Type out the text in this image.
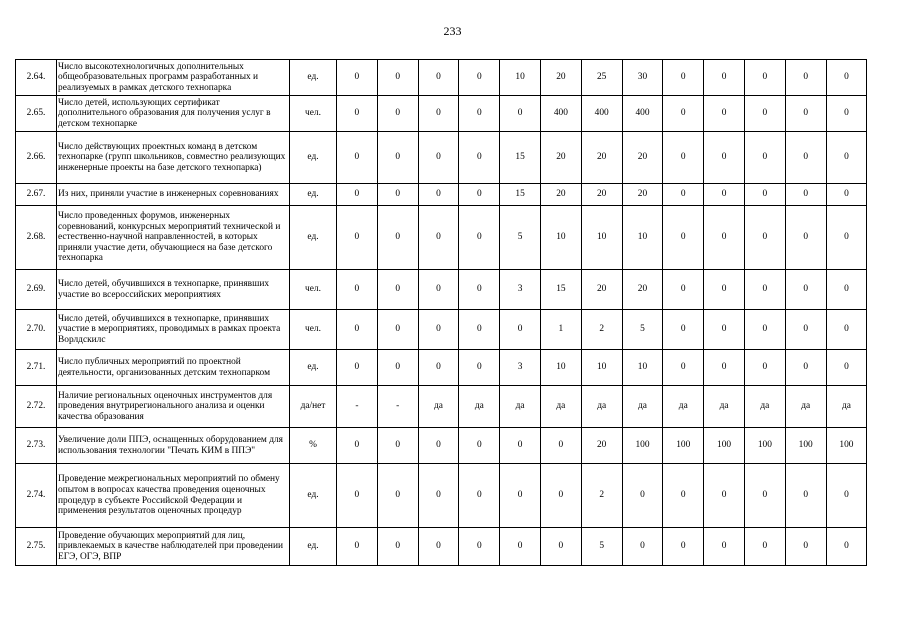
233
2.64.	Число высокотехнологичных дополнительных общеобразовательных программ разработанных и реализуемых в рамках детского технопарка	ед.	0	0	0	0	10	20	25	30	0	0	0	0	0
2.65.	Число детей, использующих сертификат дополнительного образования для получения услуг в детском технопарке	чел.	0	0	0	0	0	400	400	400	0	0	0	0	0
2.66.	Число действующих проектных команд в детском технопарке (групп школьников, совместно реализующих инженерные проекты на базе детского технопарка)	ед.	0	0	0	0	15	20	20	20	0	0	0	0	0
2.67.	Из них, приняли участие в инженерных соревнованиях	ед.	0	0	0	0	15	20	20	20	0	0	0	0	0
2.68.	Число проведенных форумов, инженерных соревнований, конкурсных мероприятий технической и естественно-научной направленностей, в которых приняли участие дети, обучающиеся на базе детского технопарка	ед.	0	0	0	0	5	10	10	10	0	0	0	0	0
2.69.	Число детей, обучившихся в технопарке, принявших участие во всероссийских мероприятиях	чел.	0	0	0	0	3	15	20	20	0	0	0	0	0
2.70.	Число детей, обучившихся в технопарке, принявших участие в мероприятиях, проводимых в рамках проекта Ворлдскилс	чел.	0	0	0	0	0	1	2	5	0	0	0	0	0
2.71.	Число публичных мероприятий по проектной деятельности, организованных детским технопарком	ед.	0	0	0	0	3	10	10	10	0	0	0	0	0
2.72.	Наличие региональных оценочных инструментов для проведения внутрирегионального анализа и оценки качества образования	да/нет	-	-	да	да	да	да	да	да	да	да	да	да	да
2.73.	Увеличение доли ППЭ, оснащенных оборудованием для использования технологии "Печать КИМ в ППЭ"	%	0	0	0	0	0	0	20	100	100	100	100	100	100
2.74.	Проведение межрегиональных мероприятий по обмену опытом в вопросах качества проведения оценочных процедур в субъекте Российской Федерации и применения результатов оценочных процедур	ед.	0	0	0	0	0	0	2	0	0	0	0	0	0
2.75.	Проведение обучающих мероприятий для лиц, привлекаемых в качестве наблюдателей при проведении ЕГЭ, ОГЭ, ВПР	ед.	0	0	0	0	0	0	5	0	0	0	0	0	0
